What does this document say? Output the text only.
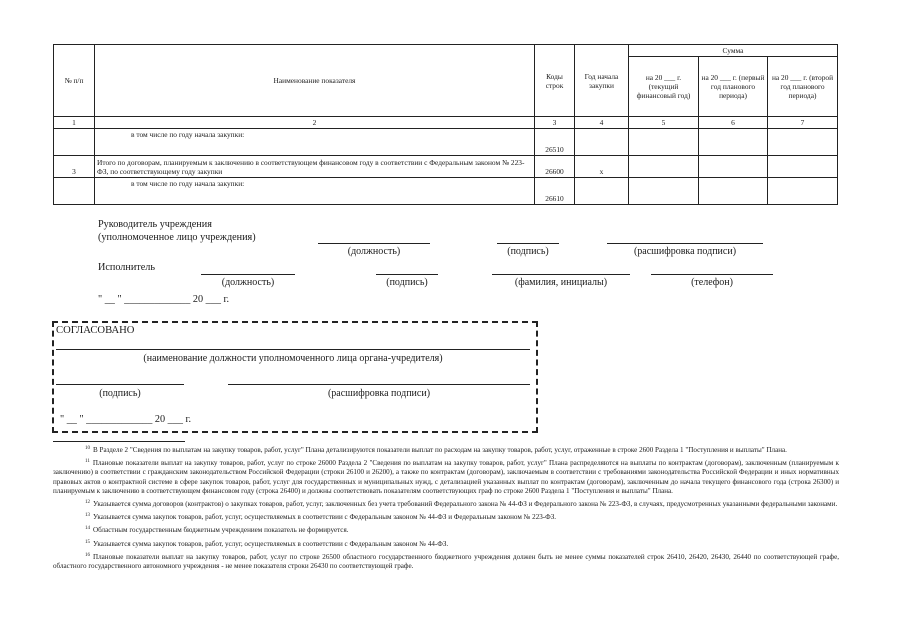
№ п/п	Наименование показателя	Коды строк	Год начала закупки	Сумма		
				на 20 ___ г. (текущий финансовый год)	на 20 ___ г. (первый год планового периода)	на 20 ___ г. (второй год планового периода)
1	2	3	4	5	6	7
	в том числе по году начала закупки:	26510				
3	Итого по договорам, планируемым к заключению в соответствующем финансовом году в соответствии с Федеральным законом № 223-ФЗ, по соответствующему году закупки	26600	x			
	в том числе по году начала закупки:	26610				
Руководитель учреждения
(уполномоченное лицо учреждения)
(должность)	(подпись)	(расшифровка подписи)
Исполнитель
(должность)	(подпись)	(фамилия, инициалы)	(телефон)
" __ " _____________ 20 ___ г.
СОГЛАСОВАНО
(наименование должности уполномоченного лица органа-учредителя)
(подпись)	(расшифровка подписи)
" __ " _____________ 20 ___ г.

$^{10}$ В Разделе 2 "Сведения по выплатам на закупку товаров, работ, услуг" Плана детализируются показатели выплат по расходам на закупку товаров, работ, услуг, отраженные в строке 2600 Раздела 1 "Поступления и выплаты" Плана.

$^{11}$ Плановые показатели выплат на закупку товаров, работ, услуг по строке 26000 Раздела 2 "Сведения по выплатам на закупку товаров, работ, услуг" Плана распределяются на выплаты по контрактам (договорам), заключенным (планируемым к заключению) в соответствии с гражданским законодательством Российской Федерации (строки 26100 и 26200), а также по контрактам (договорам), заключаемым в соответствии с требованиями законодательства Российской Федерации и иных нормативных правовых актов о контрактной системе в сфере закупок товаров, работ, услуг для государственных и муниципальных нужд, с детализацией указанных выплат по контрактам (договорам), заключенным до начала текущего финансового года (строка 26300) и планируемым к заключению в соответствующем финансовом году (строка 26400) и должны соответствовать показателям соответствующих граф по строке 2600 Раздела 1 "Поступления и выплаты" Плана.

$^{12}$ Указывается сумма договоров (контрактов) о закупках товаров, работ, услуг, заключенных без учета требований Федерального закона № 44-ФЗ и Федерального закона № 223-ФЗ, в случаях, предусмотренных указанными федеральными законами.

$^{13}$ Указывается сумма закупок товаров, работ, услуг, осуществляемых в соответствии с Федеральным законом № 44-ФЗ и Федеральным законом № 223-ФЗ.

$^{14}$ Областным государственным бюджетным учреждением показатель не формируется.

$^{15}$ Указывается сумма закупок товаров, работ, услуг, осуществляемых в соответствии с Федеральным законом № 44-ФЗ.

$^{16}$ Плановые показатели выплат на закупку товаров, работ, услуг по строке 26500 областного государственного бюджетного учреждения должен быть не менее суммы показателей строк 26410, 26420, 26430, 26440 по соответствующей графе, областного государственного автономного учреждения - не менее показателя строки 26430 по соответствующей графе.
